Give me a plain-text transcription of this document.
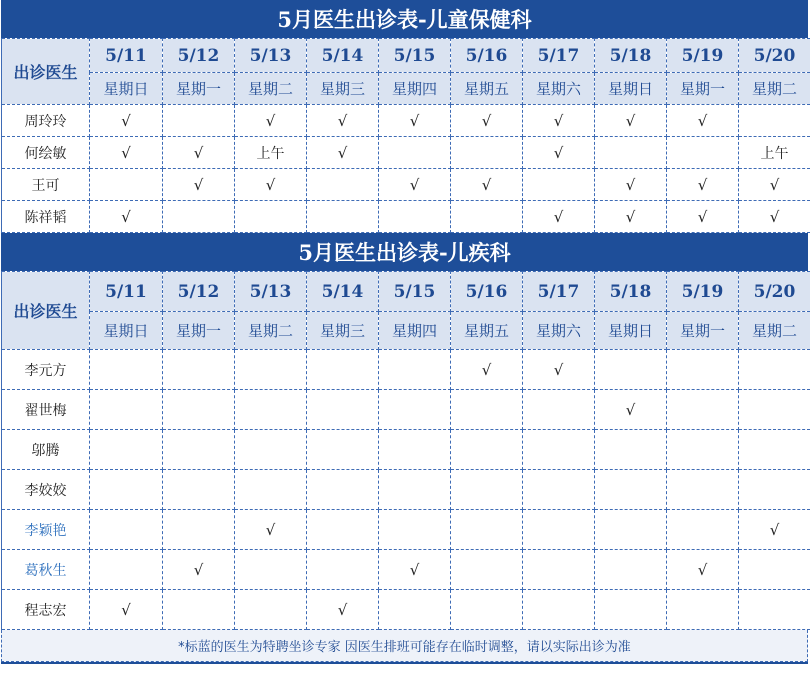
5月医生出诊表-儿童保健科
出诊医生	5/11	5/12	5/13	5/14	5/15	5/16	5/17	5/18	5/19	5/20
	星期日	星期一	星期二	星期三	星期四	星期五	星期六	星期日	星期一	星期二
周玲玲	√		√	√	√	√	√	√	√	
何绘敏	√	√	上午	√			√			上午
王可		√	√		√	√		√	√	√
陈祥韬	√						√	√	√	√
5月医生出诊表-儿疾科
出诊医生	5/11	5/12	5/13	5/14	5/15	5/16	5/17	5/18	5/19	5/20
	星期日	星期一	星期二	星期三	星期四	星期五	星期六	星期日	星期一	星期二
李元方						√	√			
翟世梅								√		
邬腾										
李姣姣										
李颖艳			√							√
葛秋生		√			√				√	
程志宏	√			√						
*标蓝的医生为特聘坐诊专家 因医生排班可能存在临时调整，请以实际出诊为准
